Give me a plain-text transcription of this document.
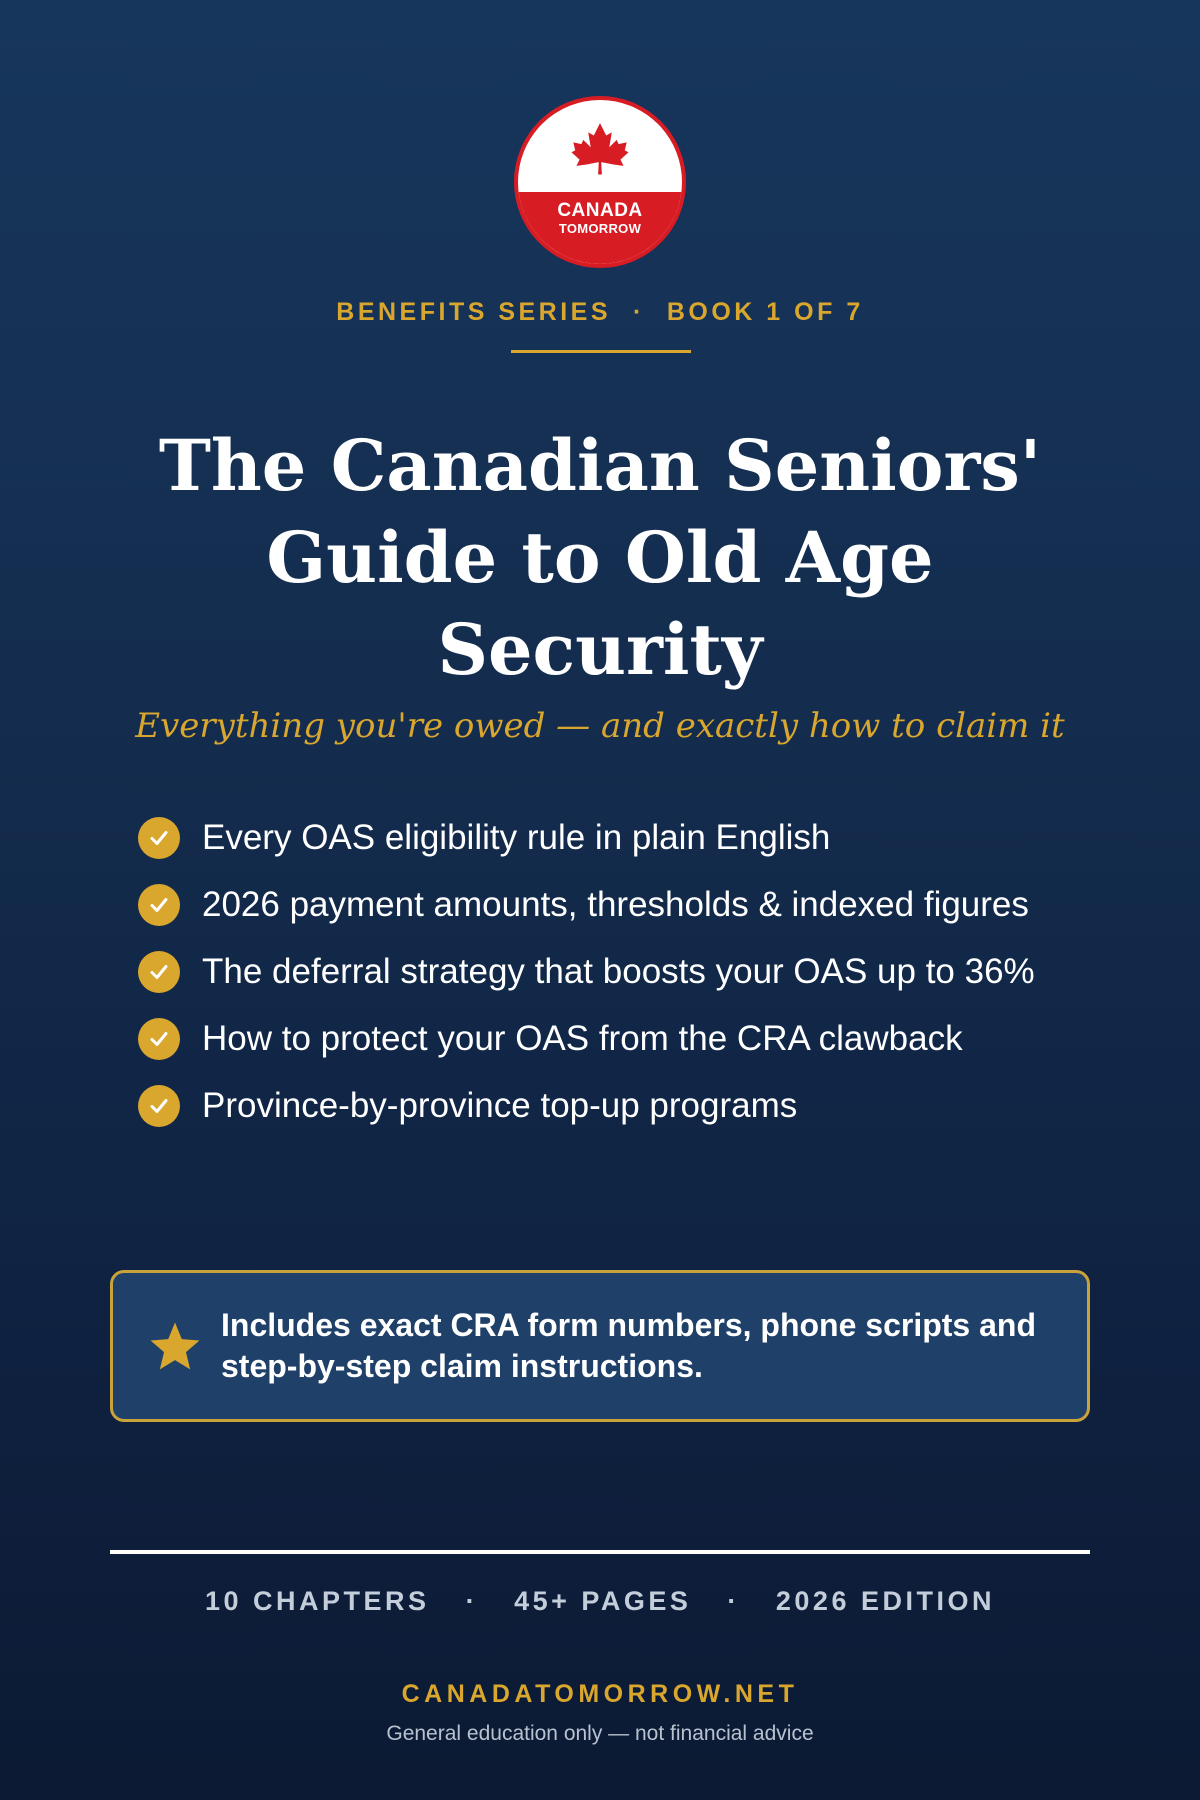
CANADA
TOMORROW
BENEFITS SERIES · BOOK 1 OF 7
The Canadian Seniors'
Guide to Old Age
Security
Everything you're owed — and exactly how to claim it
Every OAS eligibility rule in plain English
2026 payment amounts, thresholds & indexed figures
The deferral strategy that boosts your OAS up to 36%
How to protect your OAS from the CRA clawback
Province-by-province top-up programs
Includes exact CRA form numbers, phone scripts and step-by-step claim instructions.
10 CHAPTERS · 45+ PAGES · 2026 EDITION
CANADATOMORROW.NET
General education only — not financial advice
